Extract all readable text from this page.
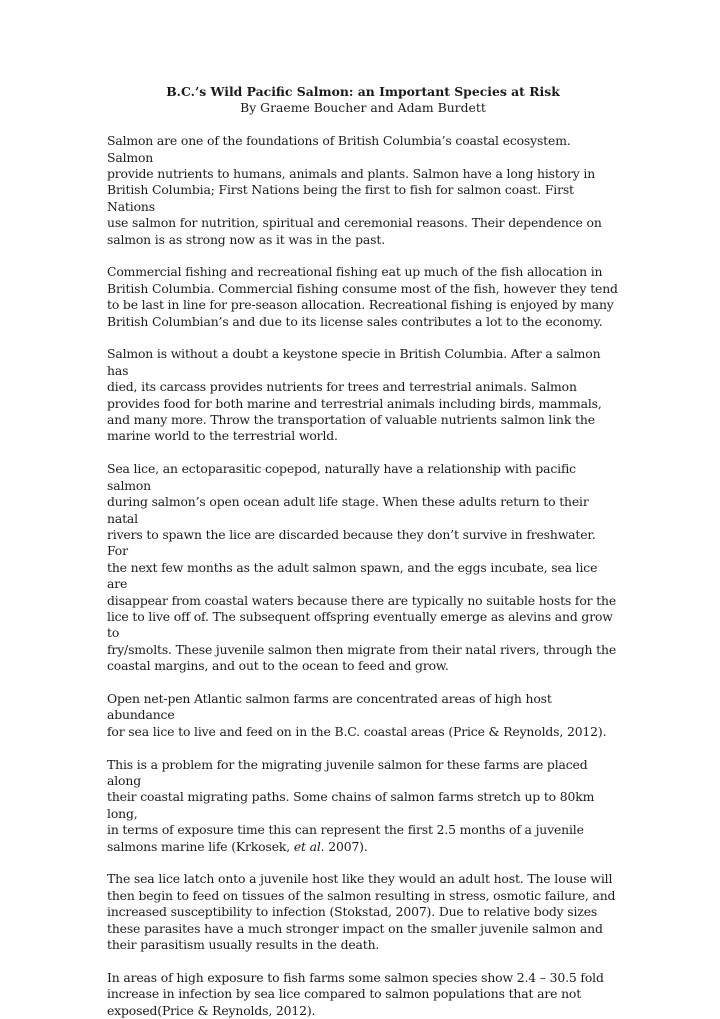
B.C.’s Wild Pacific Salmon: an Important Species at Risk

By Graeme Boucher and Adam Burdett

Salmon are one of the foundations of British Columbia’s coastal ecosystem. Salmon
provide nutrients to humans, animals and plants. Salmon have a long history in
British Columbia; First Nations being the first to fish for salmon coast. First Nations
use salmon for nutrition, spiritual and ceremonial reasons. Their dependence on
salmon is as strong now as it was in the past.

Commercial fishing and recreational fishing eat up much of the fish allocation in
British Columbia. Commercial fishing consume most of the fish, however they tend
to be last in line for pre-season allocation. Recreational fishing is enjoyed by many
British Columbian’s and due to its license sales contributes a lot to the economy.

Salmon is without a doubt a keystone specie in British Columbia. After a salmon has
died, its carcass provides nutrients for trees and terrestrial animals. Salmon
provides food for both marine and terrestrial animals including birds, mammals,
and many more. Throw the transportation of valuable nutrients salmon link the
marine world to the terrestrial world.

Sea lice, an ectoparasitic copepod, naturally have a relationship with pacific salmon
during salmon’s open ocean adult life stage. When these adults return to their natal
rivers to spawn the lice are discarded because they don’t survive in freshwater. For
the next few months as the adult salmon spawn, and the eggs incubate, sea lice are
disappear from coastal waters because there are typically no suitable hosts for the
lice to live off of. The subsequent offspring eventually emerge as alevins and grow to
fry/smolts. These juvenile salmon then migrate from their natal rivers, through the
coastal margins, and out to the ocean to feed and grow.

Open net-pen Atlantic salmon farms are concentrated areas of high host abundance
for sea lice to live and feed on in the B.C. coastal areas (Price & Reynolds, 2012).

This is a problem for the migrating juvenile salmon for these farms are placed along
their coastal migrating paths. Some chains of salmon farms stretch up to 80km long,
in terms of exposure time this can represent the first 2.5 months of a juvenile
salmons marine life (Krkosek, et al. 2007).

The sea lice latch onto a juvenile host like they would an adult host. The louse will
then begin to feed on tissues of the salmon resulting in stress, osmotic failure, and
increased susceptibility to infection (Stokstad, 2007). Due to relative body sizes
these parasites have a much stronger impact on the smaller juvenile salmon and
their parasitism usually results in the death.

In areas of high exposure to fish farms some salmon species show 2.4 – 30.5 fold
increase in infection by sea lice compared to salmon populations that are not
exposed(Price & Reynolds, 2012).
